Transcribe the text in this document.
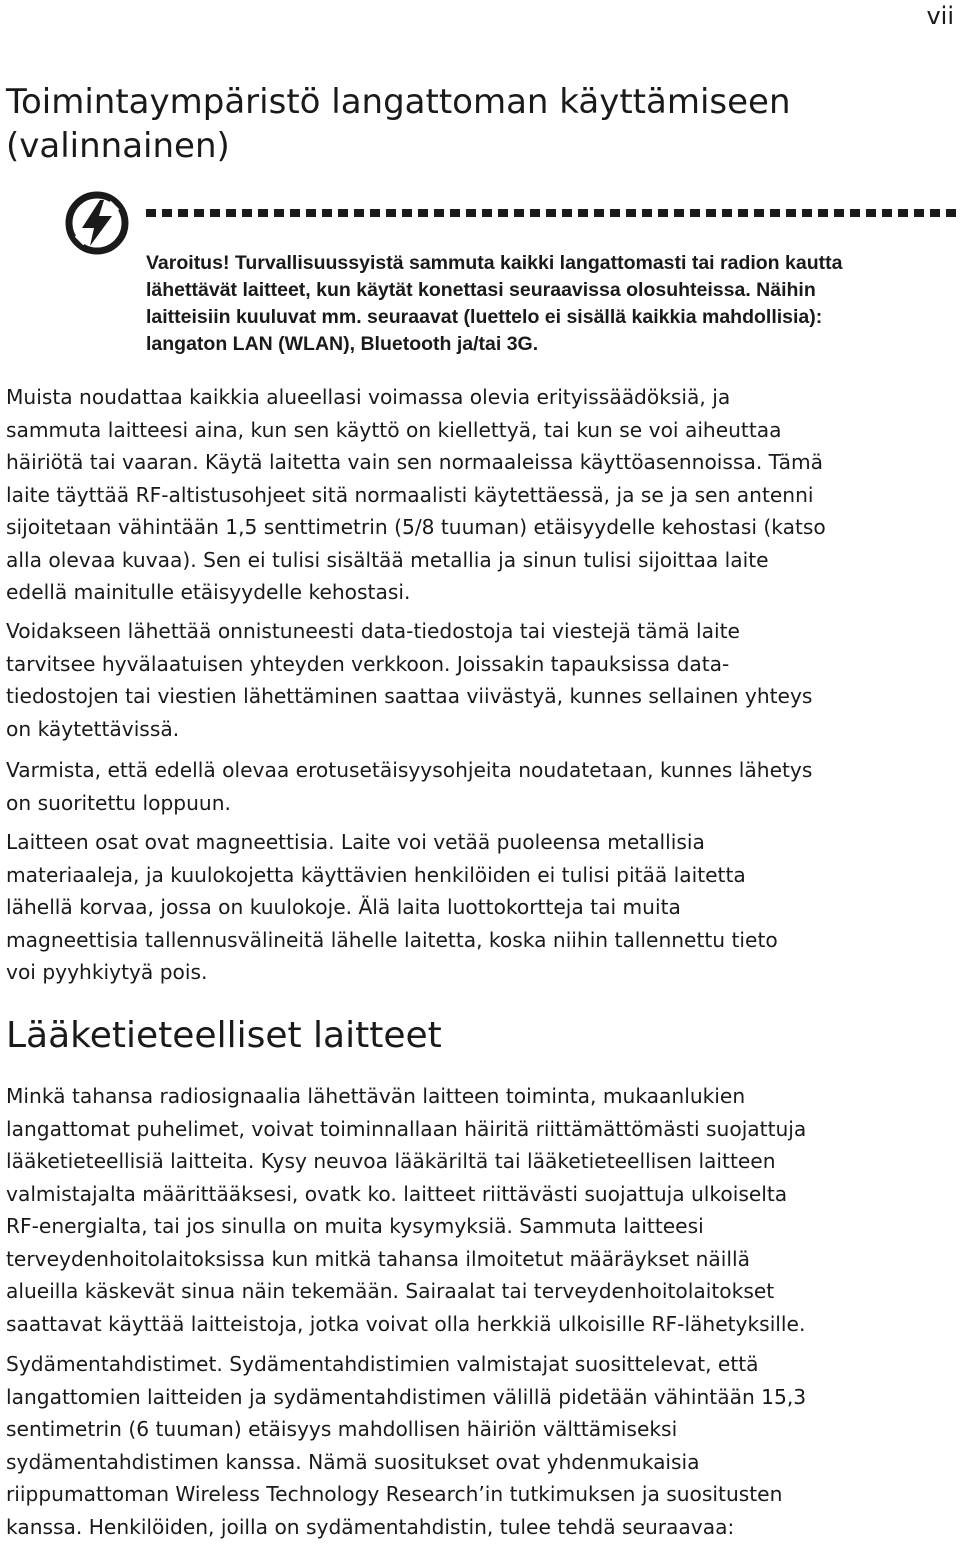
vii
Toimintaympäristö langattoman käyttämiseen
(valinnainen)

Varoitus! Turvallisuussyistä sammuta kaikki langattomasti tai radion kautta
lähettävät laitteet, kun käytät konettasi seuraavissa olosuhteissa. Näihin
laitteisiin kuuluvat mm. seuraavat (luettelo ei sisällä kaikkia mahdollisia):
langaton LAN (WLAN), Bluetooth ja/tai 3G.

Muista noudattaa kaikkia alueellasi voimassa olevia erityissäädöksiä, ja
sammuta laitteesi aina, kun sen käyttö on kiellettyä, tai kun se voi aiheuttaa
häiriötä tai vaaran. Käytä laitetta vain sen normaaleissa käyttöasennoissa. Tämä
laite täyttää RF-altistusohjeet sitä normaalisti käytettäessä, ja se ja sen antenni
sijoitetaan vähintään 1,5 senttimetrin (5/8 tuuman) etäisyydelle kehostasi (katso
alla olevaa kuvaa). Sen ei tulisi sisältää metallia ja sinun tulisi sijoittaa laite
edellä mainitulle etäisyydelle kehostasi.

Voidakseen lähettää onnistuneesti data-tiedostoja tai viestejä tämä laite
tarvitsee hyvälaatuisen yhteyden verkkoon. Joissakin tapauksissa data-
tiedostojen tai viestien lähettäminen saattaa viivästyä, kunnes sellainen yhteys
on käytettävissä.

Varmista, että edellä olevaa erotusetäisyysohjeita noudatetaan, kunnes lähetys
on suoritettu loppuun.

Laitteen osat ovat magneettisia. Laite voi vetää puoleensa metallisia
materiaaleja, ja kuulokojetta käyttävien henkilöiden ei tulisi pitää laitetta
lähellä korvaa, jossa on kuulokoje. Älä laita luottokortteja tai muita
magneettisia tallennusvälineitä lähelle laitetta, koska niihin tallennettu tieto
voi pyyhkiytyä pois.

Lääketieteelliset laitteet

Minkä tahansa radiosignaalia lähettävän laitteen toiminta, mukaanlukien
langattomat puhelimet, voivat toiminnallaan häiritä riittämättömästi suojattuja
lääketieteellisiä laitteita. Kysy neuvoa lääkäriltä tai lääketieteellisen laitteen
valmistajalta määrittääksesi, ovatk ko. laitteet riittävästi suojattuja ulkoiselta
RF-energialta, tai jos sinulla on muita kysymyksiä. Sammuta laitteesi
terveydenhoitolaitoksissa kun mitkä tahansa ilmoitetut määräykset näillä
alueilla käskevät sinua näin tekemään. Sairaalat tai terveydenhoitolaitokset
saattavat käyttää laitteistoja, jotka voivat olla herkkiä ulkoisille RF-lähetyksille.

Sydämentahdistimet. Sydämentahdistimien valmistajat suosittelevat, että
langattomien laitteiden ja sydämentahdistimen välillä pidetään vähintään 15,3
sentimetrin (6 tuuman) etäisyys mahdollisen häiriön välttämiseksi
sydämentahdistimen kanssa. Nämä suositukset ovat yhdenmukaisia
riippumattoman Wireless Technology Research’in tutkimuksen ja suositusten
kanssa. Henkilöiden, joilla on sydämentahdistin, tulee tehdä seuraavaa:
